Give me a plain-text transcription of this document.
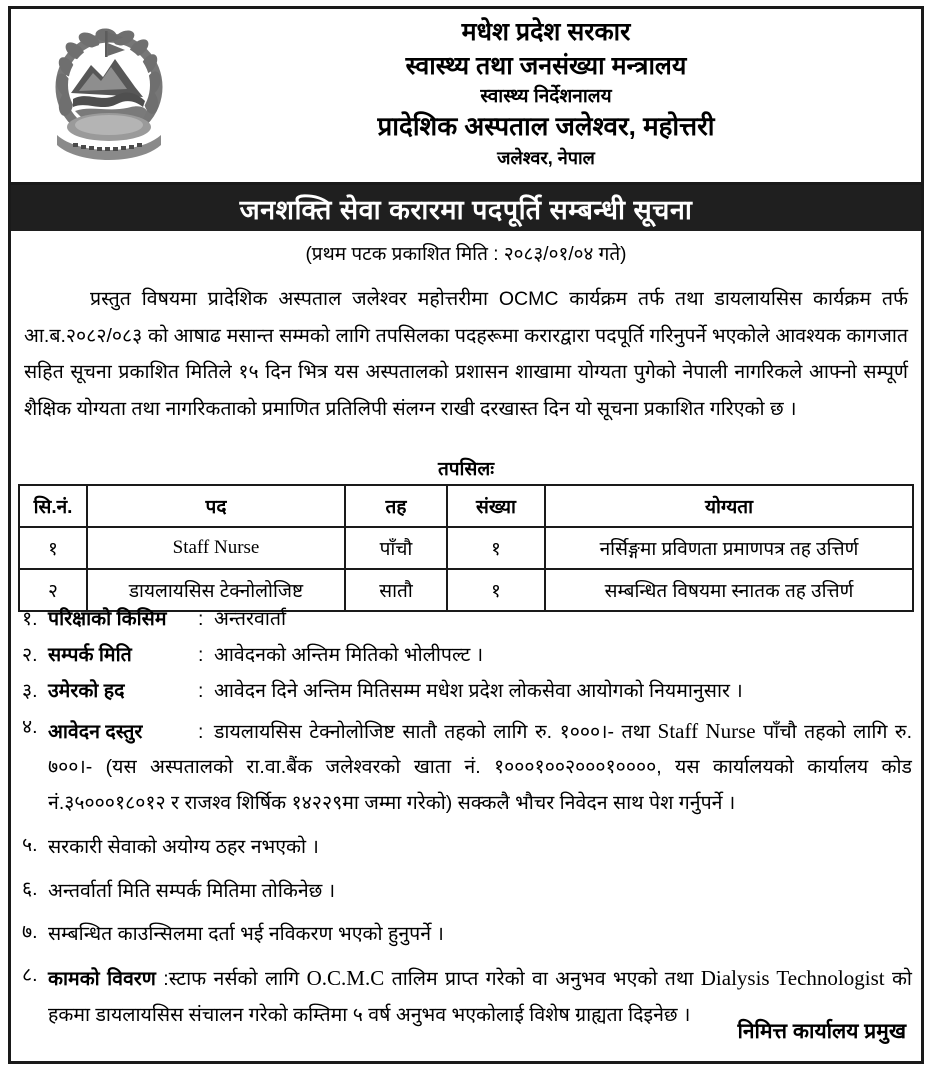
मधेश प्रदेश सरकार
स्वास्थ्य तथा जनसंख्या मन्त्रालय
स्वास्थ्य निर्देशनालय
प्रादेशिक अस्पताल जलेश्वर, महोत्तरी
जलेश्वर, नेपाल
जनशक्ति सेवा करारमा पदपूर्ति सम्बन्धी सूचना
(प्रथम पटक प्रकाशित मिति : २०८३/०१/०४ गते)
प्रस्तुत विषयमा प्रादेशिक अस्पताल जलेश्वर महोत्तरीमा OCMC कार्यक्रम तर्फ तथा डायलायसिस कार्यक्रम तर्फ आ.ब.२०८२/०८३ को आषाढ मसान्त सम्मको लागि तपसिलका पदहरूमा करारद्वारा पदपूर्ति गरिनुपर्ने भएकोले आवश्यक कागजात सहित सूचना प्रकाशित मितिले १५ दिन भित्र यस अस्पतालको प्रशासन शाखामा योग्यता पुगेको नेपाली नागरिकले आफ्नो सम्पूर्ण शैक्षिक योग्यता तथा नागरिकताको प्रमाणित प्रतिलिपी संलग्न राखी दरखास्त दिन यो सूचना प्रकाशित गरिएको छ ।
तपसिलः
सि.नं.	पद	तह	संख्या	योग्यता
१	Staff Nurse	पाँचौ	१	नर्सिङ्गमा प्रविणता प्रमाणपत्र तह उत्तिर्ण
२	डायलायसिस टेक्नोलोजिष्ट	सातौ	१	सम्बन्धित विषयमा स्नातक तह उत्तिर्ण
१. परिक्षाको किसिम : अन्तरवार्ता
२. सम्पर्क मिति	: आवेदनको अन्तिम मितिको भोलीपल्ट ।
३. उमेरको हद	: आवेदन दिने अन्तिम मितिसम्म मधेश प्रदेश लोकसेवा आयोगको नियमानुसार ।
४. आवेदन दस्तुर	: डायलायसिस टेक्नोलोजिष्ट सातौ तहको लागि रु. १०००।- तथा Staff Nurse पाँचौ तहको लागि रु. ७००।- (यस अस्पतालको रा.वा.बैंक जलेश्वरको खाता नं. १०००१००२०००१००००, यस कार्यालयको कार्यालय कोड नं.३५०००१८०१२ र राजश्व शिर्षिक १४२२९मा जम्मा गरेको) सक्कलै भौचर निवेदन साथ पेश गर्नुपर्ने ।
५. सरकारी सेवाको अयोग्य ठहर नभएको ।
६. अन्तर्वार्ता मिति सम्पर्क मितिमा तोकिनेछ ।
७. सम्बन्धित काउन्सिलमा दर्ता भई नविकरण भएको हुनुपर्ने ।
८. कामको विवरण :स्टाफ नर्सको लागि O.C.M.C तालिम प्राप्त गरेको वा अनुभव भएको तथा Dialysis Technologist को हकमा डायलायसिस संचालन गरेको कम्तिमा ५ वर्ष अनुभव भएकोलाई विशेष ग्राह्यता दिइनेछ ।
निमित्त कार्यालय प्रमुख
